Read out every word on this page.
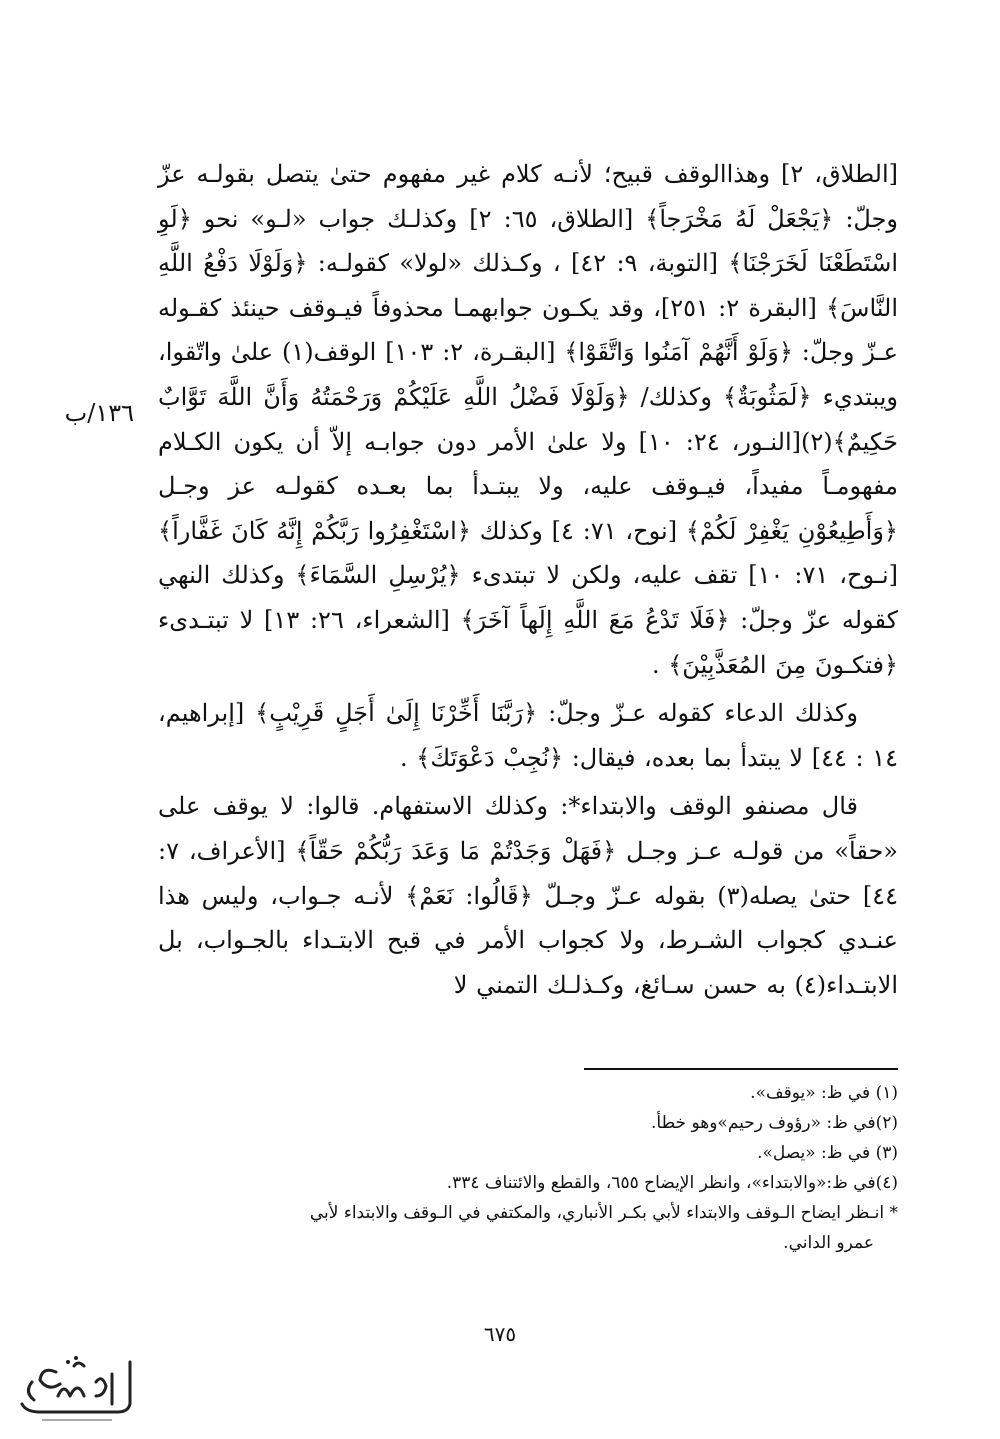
١٣٦/ب

[الطلاق، ٢] وهذاالوقف قبيح؛ لأنـه كلام غير مفهوم حتىٰ يتصل بقولـه عزّ وجلّ: ﴿يَجْعَلْ لَهُ مَخْرَجاً﴾ [الطلاق، ٦٥: ٢] وكذلـك جواب «لـو» نحو ﴿لَوِ اسْتَطَعْنَا لَخَرَجْنَا﴾ [التوبة، ٩: ٤٢] ، وكـذلك «لولا» كقولـه: ﴿وَلَوْلَا دَفْعُ اللَّهِ النَّاسَ﴾ [البقرة ٢: ٢٥١]، وقد يكـون جوابهمـا محذوفاً فيـوقف حينئذ كقـوله عـزّ وجلّ: ﴿وَلَوْ أَنَّهُمْ آمَنُوا وَاتَّقَوْا﴾ [البقـرة، ٢: ١٠٣] الوقف(١) علىٰ واتّقوا، ويبتديء ﴿لَمَثُوبَةٌ﴾ وكذلك/ ﴿وَلَوْلَا فَضْلُ اللَّهِ عَلَيْكُمْ وَرَحْمَتُهُ وَأَنَّ اللَّهَ تَوَّابٌ حَكِيمٌ﴾(٢)[النـور، ٢٤: ١٠] ولا علىٰ الأمر دون جوابـه إلاّ أن يكون الكـلام مفهومـاً مفيداً، فيـوقف عليه، ولا يبتـدأ بما بعـده كقولـه عز وجـل ﴿وَأَطِيعُوْنِ يَغْفِرْ لَكُمْ﴾ [نوح، ٧١: ٤] وكذلك ﴿اسْتَغْفِرُوا رَبَّكُمْ إِنَّهُ كَانَ غَفَّاراً﴾ [نـوح، ٧١: ١٠] تقف عليه، ولكن لا تبتدىء ﴿يُرْسِلِ السَّمَاءَ﴾ وكذلك النهي كقوله عزّ وجلّ: ﴿فَلَا تَدْعُ مَعَ اللَّهِ إِلَهاً آخَرَ﴾ [الشعراء، ٢٦: ١٣] لا تبتـدىء ﴿فتكـونَ مِنَ المُعَذَّبِيْنَ﴾ .

وكذلك الدعاء كقوله عـزّ وجلّ: ﴿رَبَّنَا أَخِّرْنَا إِلَىٰ أَجَلٍ قَرِيْبٍ﴾ [إبراهيم، ١٤ : ٤٤] لا يبتدأ بما بعده، فيقال: ﴿نُجِبْ دَعْوَتَكَ﴾ .

قال مصنفو الوقف والابتداء*: وكذلك الاستفهام. قالوا: لا يوقف على «حقاً» من قولـه عـز وجـل ﴿فَهَلْ وَجَدْتُمْ مَا وَعَدَ رَبُّكُمْ حَقّاً﴾ [الأعراف، ٧: ٤٤] حتىٰ يصله(٣) بقوله عـزّ وجـلّ ﴿قَالُوا: نَعَمْ﴾ لأنـه جـواب، وليس هذا عنـدي كجواب الشـرط، ولا كجواب الأمر في قبح الابتـداء بالجـواب، بل الابتـداء(٤) به حسن سـائغ، وكـذلـك التمني لا

(١) في ظ: «يوقف».

(٢)في ظ: «رؤوف رحيم»وهو خطأ.

(٣) في ظ: «يصل».

(٤)في ظ:«والابتداء»، وانظر الإيضاح ٦٥٥، والقطع والائتناف ٣٣٤.

* انـظر ايضاح الـوقف والابتداء لأبي بكـر الأنباري، والمكتفي في الـوقف والابتداء لأبي

عمرو الداني.

٦٧٥
